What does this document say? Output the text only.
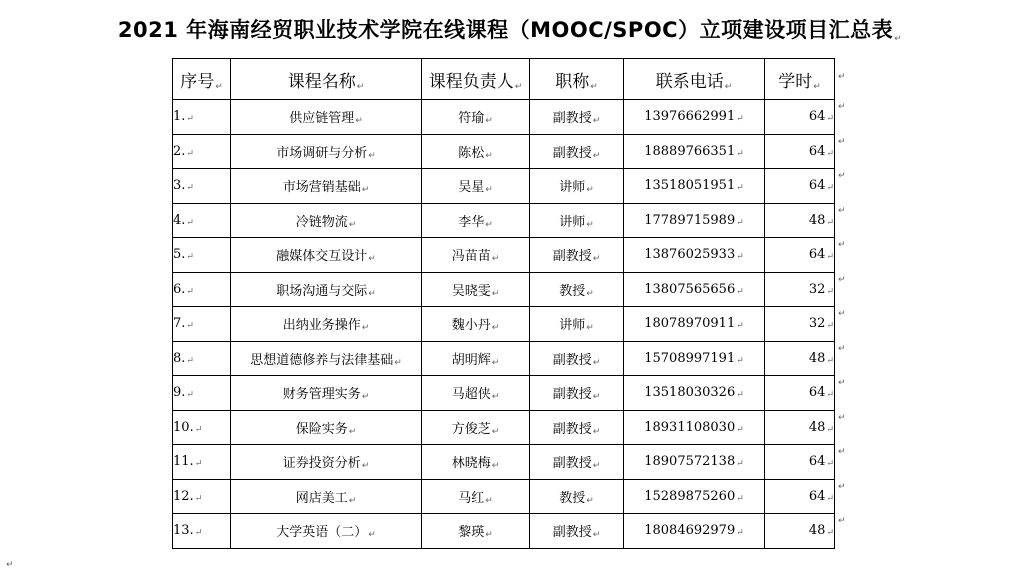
2021 年海南经贸职业技术学院在线课程（MOOC/SPOC）立项建设项目汇总表↵
序号↵	课程名称↵	课程负责人↵	职称↵	联系电话↵	学时↵
1.↵	供应链管理↵	符瑜↵	副教授↵	13976662991↵	64↵
2.↵	市场调研与分析↵	陈松↵	副教授↵	18889766351↵	64↵
3.↵	市场营销基础↵	吴星↵	讲师↵	13518051951↵	64↵
4.↵	冷链物流↵	李华↵	讲师↵	17789715989↵	48↵
5.↵	融媒体交互设计↵	冯苗苗↵	副教授↵	13876025933↵	64↵
6.↵	职场沟通与交际↵	吴晓雯↵	教授↵	13807565656↵	32↵
7.↵	出纳业务操作↵	魏小丹↵	讲师↵	18078970911↵	32↵
8.↵	思想道德修养与法律基础↵	胡明辉↵	副教授↵	15708997191↵	48↵
9.↵	财务管理实务↵	马超侠↵	副教授↵	13518030326↵	64↵
10.↵	保险实务↵	方俊芝↵	副教授↵	18931108030↵	48↵
11.↵	证券投资分析↵	林晓梅↵	副教授↵	18907572138↵	64↵
12.↵	网店美工↵	马红↵	教授↵	15289875260↵	64↵
13.↵	大学英语（二）↵	黎瑛↵	副教授↵	18084692979↵	48↵
↵
↵
↵
↵
↵
↵
↵
↵
↵
↵
↵
↵
↵
↵
↵
